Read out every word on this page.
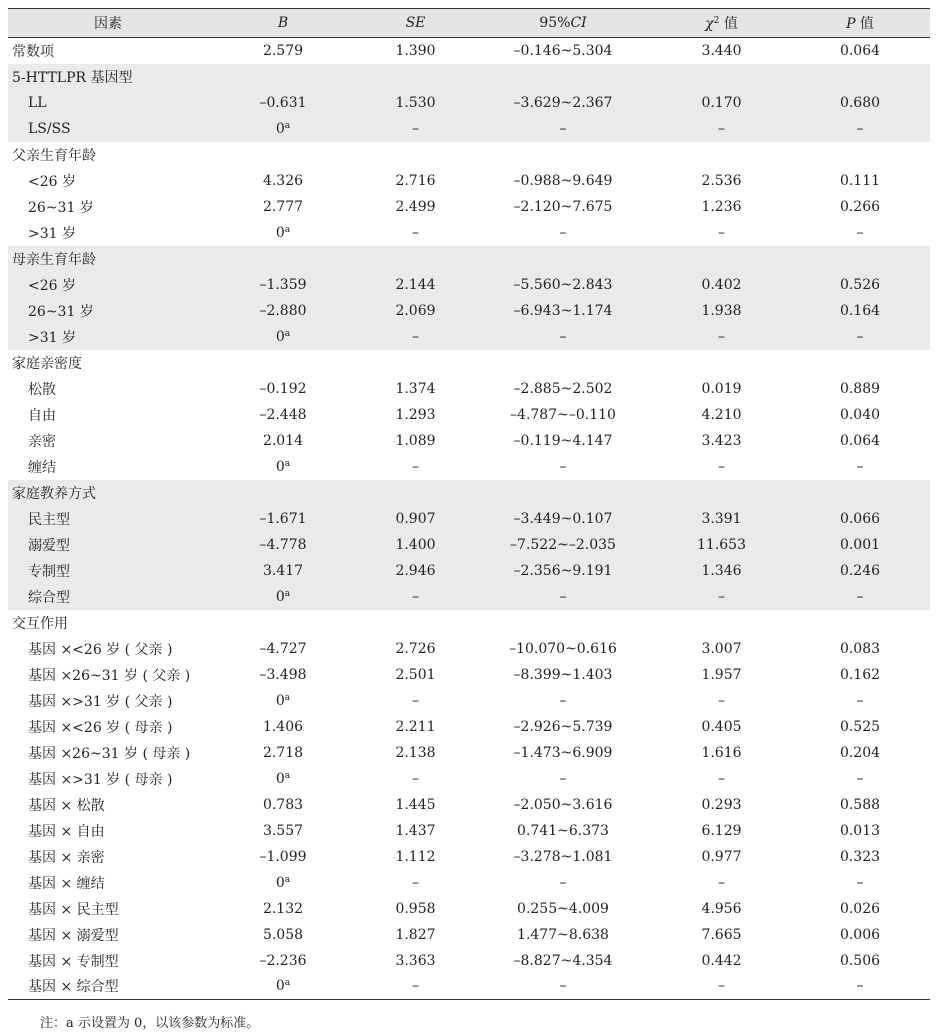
因素	B	SE	95%CI	$\chi^2$ 值	P 值
常数项	2.579	1.390	–0.146~5.304	3.440	0.064
5-HTTLPR 基因型					
LL	–0.631	1.530	–3.629~2.367	0.170	0.680
LS/SS	0$^a$	–	–	–	–
父亲生育年龄					
<26 岁	4.326	2.716	–0.988~9.649	2.536	0.111
26~31 岁	2.777	2.499	–2.120~7.675	1.236	0.266
>31 岁	0$^a$	–	–	–	–
母亲生育年龄					
<26 岁	–1.359	2.144	–5.560~2.843	0.402	0.526
26~31 岁	–2.880	2.069	–6.943~1.174	1.938	0.164
>31 岁	0$^a$	–	–	–	–
家庭亲密度					
松散	–0.192	1.374	–2.885~2.502	0.019	0.889
自由	–2.448	1.293	–4.787~–0.110	4.210	0.040
亲密	2.014	1.089	–0.119~4.147	3.423	0.064
缠结	0$^a$	–	–	–	–
家庭教养方式					
民主型	–1.671	0.907	–3.449~0.107	3.391	0.066
溺爱型	–4.778	1.400	–7.522~–2.035	11.653	0.001
专制型	3.417	2.946	–2.356~9.191	1.346	0.246
综合型	0$^a$	–	–	–	–
交互作用					
基因 ×<26 岁 ( 父亲 )	–4.727	2.726	–10.070~0.616	3.007	0.083
基因 ×26~31 岁 ( 父亲 )	–3.498	2.501	–8.399~1.403	1.957	0.162
基因 ×>31 岁 ( 父亲 )	0$^a$	–	–	–	–
基因 ×<26 岁 ( 母亲 )	1.406	2.211	–2.926~5.739	0.405	0.525
基因 ×26~31 岁 ( 母亲 )	2.718	2.138	–1.473~6.909	1.616	0.204
基因 ×>31 岁 ( 母亲 )	0$^a$	–	–	–	–
基因 × 松散	0.783	1.445	–2.050~3.616	0.293	0.588
基因 × 自由	3.557	1.437	0.741~6.373	6.129	0.013
基因 × 亲密	–1.099	1.112	–3.278~1.081	0.977	0.323
基因 × 缠结	0$^a$	–	–	–	–
基因 × 民主型	2.132	0.958	0.255~4.009	4.956	0.026
基因 × 溺爱型	5.058	1.827	1.477~8.638	7.665	0.006
基因 × 专制型	–2.236	3.363	–8.827~4.354	0.442	0.506
基因 × 综合型	0$^a$	–	–	–	–
注：a 示设置为 0，以该参数为标准。
